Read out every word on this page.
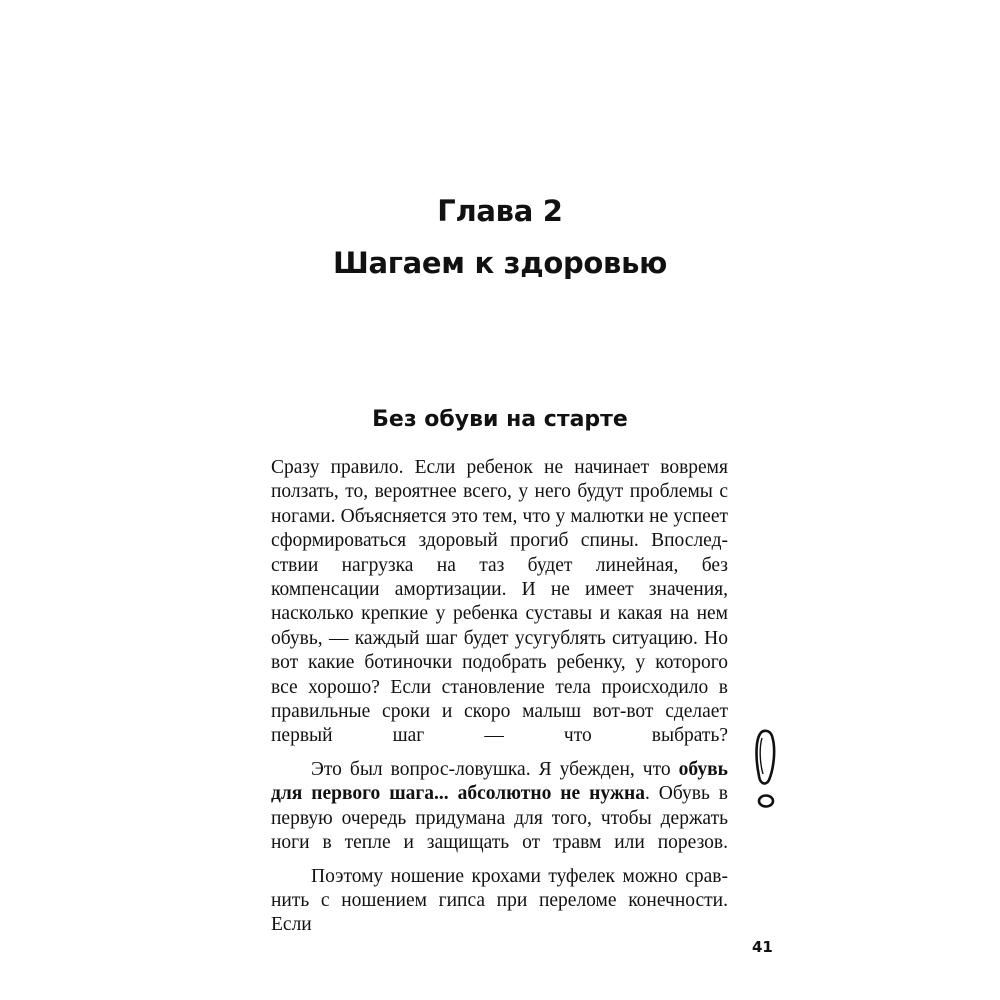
Глава 2
Шагаем к здоровью
Без обуви на старте

Сразу правило. Если ребенок не начинает вовремя ползать, то, вероятнее всего, у него будут проблемы с ногами. Объясняется это тем, что у малютки не успеет сформироваться здоровый прогиб спины. Впоследствии нагрузка на таз будет линейная, без компенсации амортизации. И не имеет значения, насколько крепкие у ребенка суставы и какая на нем обувь, — каждый шаг будет усугублять ситуацию. Но вот какие ботиночки подобрать ребенку, у которого все хорошо? Если становление тела происходило в правильные сроки и скоро малыш вот-вот сделает первый шаг — что выбрать?

Это был вопрос-ловушка. Я убежден, что обувь для первого шага... абсолютно не нужна. Обувь в первую очередь придумана для того, чтобы держать ноги в тепле и защищать от травм или порезов.

Поэтому ношение крохами туфелек можно сравнить с ношением гипса при переломе конечности. Если

41
